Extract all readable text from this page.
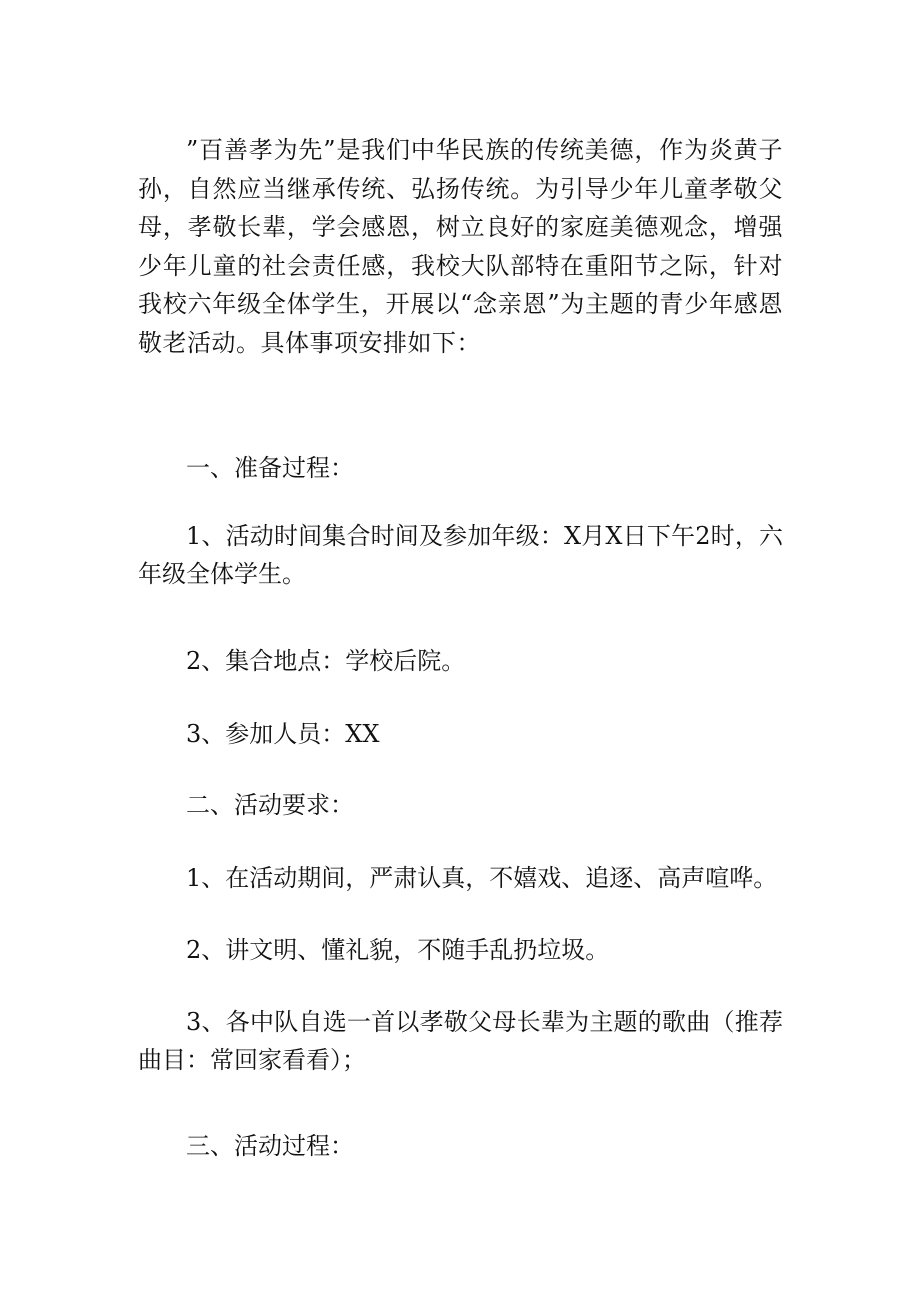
”百善孝为先”是我们中华民族的传统美德，作为炎黄子孙，自然应当继承传统、弘扬传统。为引导少年儿童孝敬父母，孝敬长辈，学会感恩，树立良好的家庭美德观念，增强少年儿童的社会责任感，我校大队部特在重阳节之际，针对我校六年级全体学生，开展以“念亲恩”为主题的青少年感恩敬老活动。具体事项安排如下：

一、准备过程：

1、活动时间集合时间及参加年级：X月X日下午2时，六年级全体学生。

2、集合地点：学校后院。

3、参加人员：XX

二、活动要求：

1、在活动期间，严肃认真，不嬉戏、追逐、高声喧哗。

2、讲文明、懂礼貌，不随手乱扔垃圾。

3、各中队自选一首以孝敬父母长辈为主题的歌曲（推荐曲目：常回家看看）；

三、活动过程：
